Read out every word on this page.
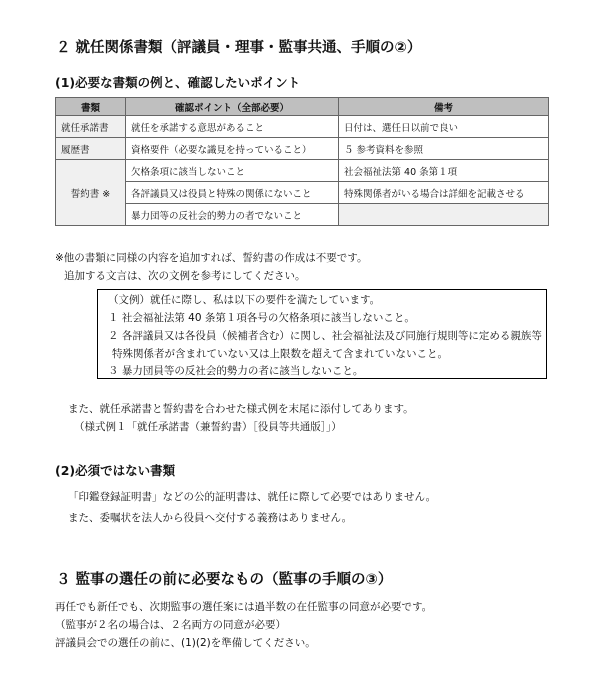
２ 就任関係書類（評議員・理事・監事共通、手順の②）
(1)必要な書類の例と、確認したいポイント
書類	確認ポイント（全部必要）	備考
就任承諾書	就任を承諾する意思があること	日付は、選任日以前で良い
履歴書	資格要件（必要な識見を持っていること）	５ 参考資料を参照
誓約書 ※	欠格条項に該当しないこと	社会福祉法第 40 条第１項
	各評議員又は役員と特殊の関係にないこと	特殊関係者がいる場合は詳細を記載させる
	暴力団等の反社会的勢力の者でないこと	
※他の書類に同様の内容を追加すれば、誓約書の作成は不要です。
追加する文言は、次の文例を参考にしてください。
（文例）就任に際し、私は以下の要件を満たしています。
１ 社会福祉法第 40 条第１項各号の欠格条項に該当しないこと。
２ 各評議員又は各役員（候補者含む）に関し、社会福祉法及び同施行規則等に定める親族等
特殊関係者が含まれていない又は上限数を超えて含まれていないこと。
３ 暴力団員等の反社会的勢力の者に該当しないこと。
また、就任承諾書と誓約書を合わせた様式例を末尾に添付してあります。
（様式例１「就任承諾書（兼誓約書）［役員等共通版］」）
(2)必須ではない書類
「印鑑登録証明書」などの公的証明書は、就任に際して必要ではありません。
また、委嘱状を法人から役員へ交付する義務はありません。
３ 監事の選任の前に必要なもの（監事の手順の③）
再任でも新任でも、次期監事の選任案には過半数の在任監事の同意が必要です。
（監事が２名の場合は、２名両方の同意が必要）
評議員会での選任の前に、(1)(2)を準備してください。
